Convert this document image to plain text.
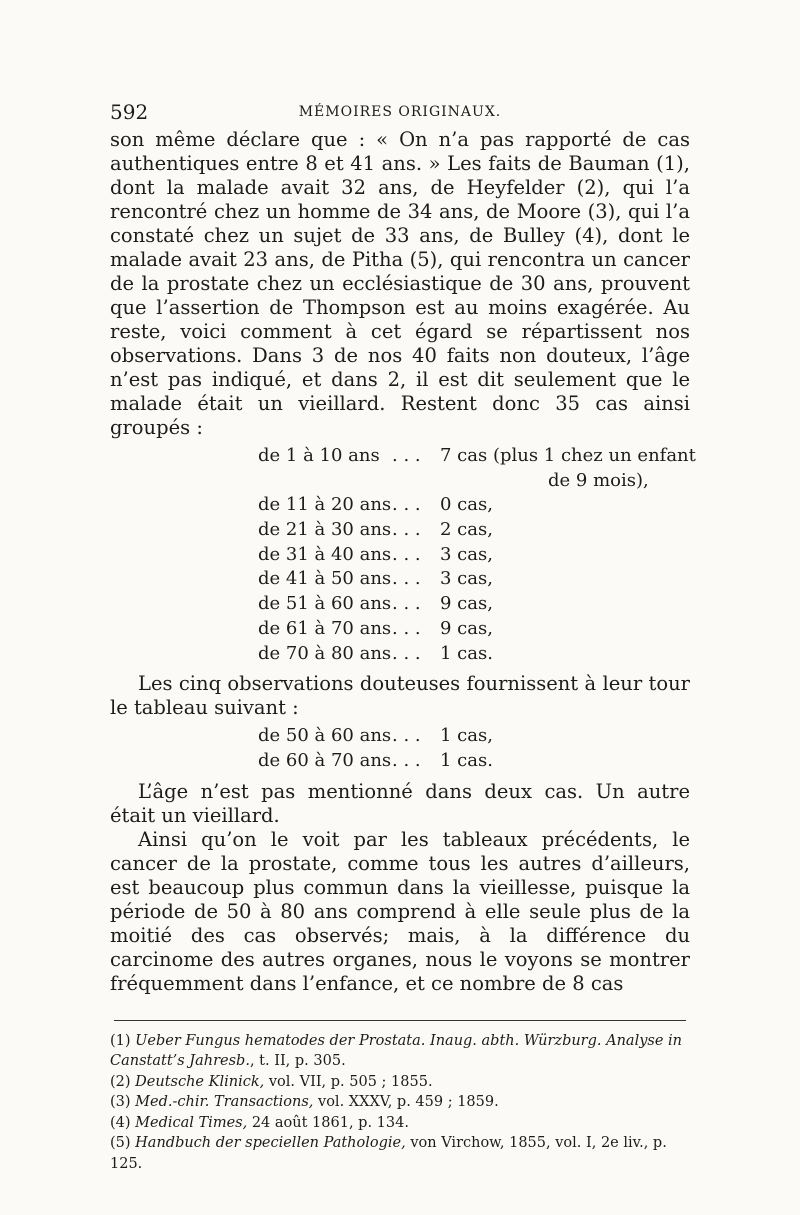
592	MÉMOIRES ORIGINAUX.

son même déclare que : « On n’a pas rapporté de cas authentiques entre 8 et 41 ans. » Les faits de Bauman (1), dont la malade avait 32 ans, de Heyfelder (2), qui l’a rencontré chez un homme de 34 ans, de Moore (3), qui l’a constaté chez un sujet de 33 ans, de Bulley (4), dont le malade avait 23 ans, de Pitha (5), qui rencontra un cancer de la prostate chez un ecclésiastique de 30 ans, prouvent que l’assertion de Thompson est au moins exagérée. Au reste, voici comment à cet égard se répartissent nos observations. Dans 3 de nos 40 faits non douteux, l’âge n’est pas indiqué, et dans 2, il est dit seulement que le malade était un vieillard. Restent donc 35 cas ainsi groupés :

de 1 à 10 ans . . . 7 cas (plus 1 chez un enfant
de 9 mois),
de 11 à 20 ans . . . 0 cas,
de 21 à 30 ans . . . 2 cas,
de 31 à 40 ans . . . 3 cas,
de 41 à 50 ans . . . 3 cas,
de 51 à 60 ans . . . 9 cas,
de 61 à 70 ans . . . 9 cas,
de 70 à 80 ans . . . 1 cas.

Les cinq observations douteuses fournissent à leur tour le tableau suivant :

de 50 à 60 ans . . . 1 cas,
de 60 à 70 ans . . . 1 cas.

L’âge n’est pas mentionné dans deux cas. Un autre était un vieillard.

Ainsi qu’on le voit par les tableaux précédents, le cancer de la prostate, comme tous les autres d’ailleurs, est beaucoup plus commun dans la vieillesse, puisque la période de 50 à 80 ans comprend à elle seule plus de la moitié des cas observés; mais, à la différence du carcinome des autres organes, nous le voyons se montrer fréquemment dans l’enfance, et ce nombre de 8 cas

(1) Ueber Fungus hematodes der Prostata. Inaug. abth. Würzburg. Analyse in Canstatt’s Jahresb., t. II, p. 305.

(2) Deutsche Klinick, vol. VII, p. 505 ; 1855.

(3) Med.-chir. Transactions, vol. XXXV, p. 459 ; 1859.

(4) Medical Times, 24 août 1861, p. 134.

(5) Handbuch der speciellen Pathologie, von Virchow, 1855, vol. I, 2e liv., p. 125.
